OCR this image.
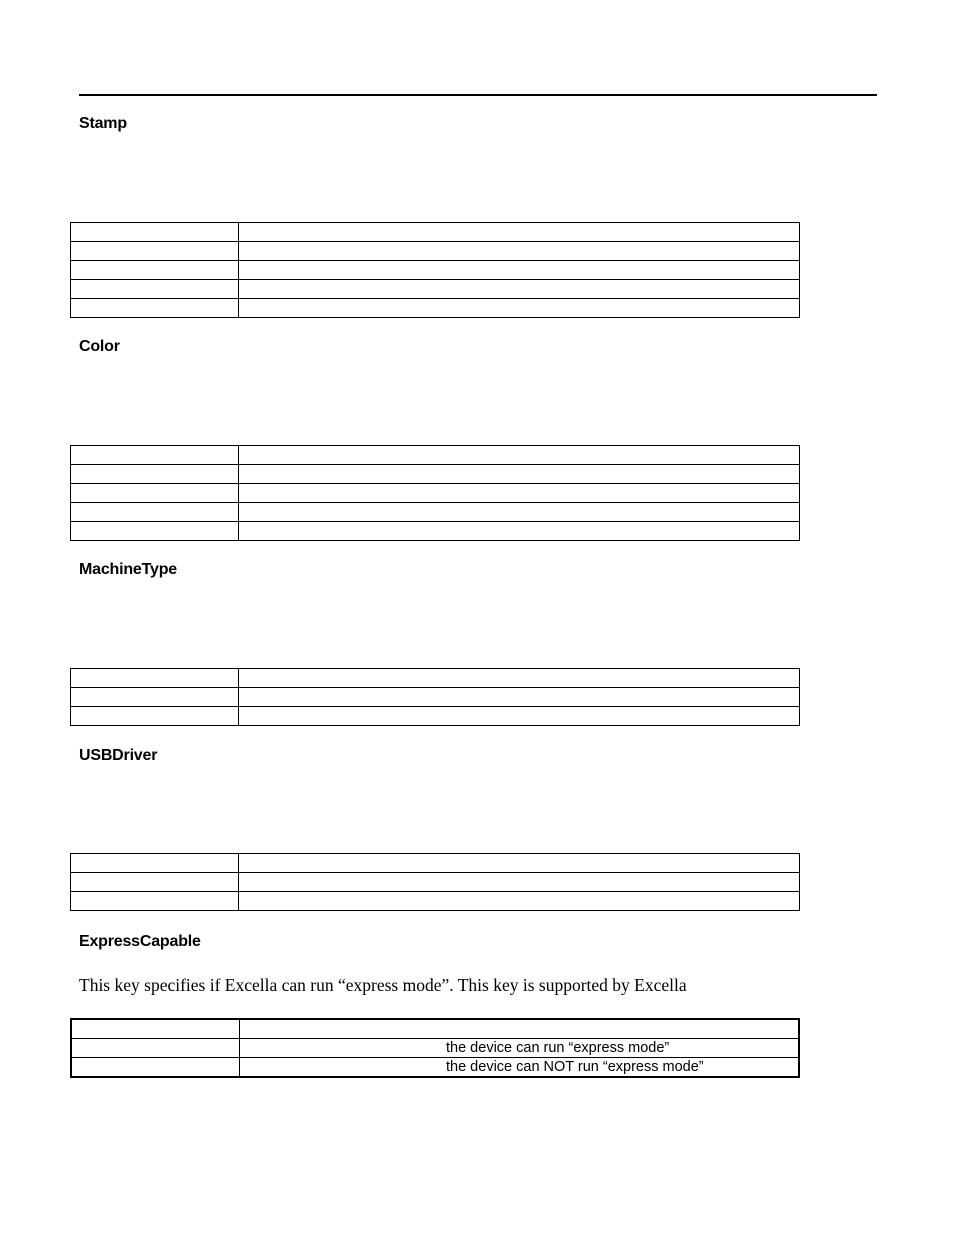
Stamp

Color

MachineType

USBDriver

ExpressCapable

This key specifies if Excella can run “express mode”. This key is supported by Excella

	the device can run “express mode”
	the device can NOT run “express mode”
